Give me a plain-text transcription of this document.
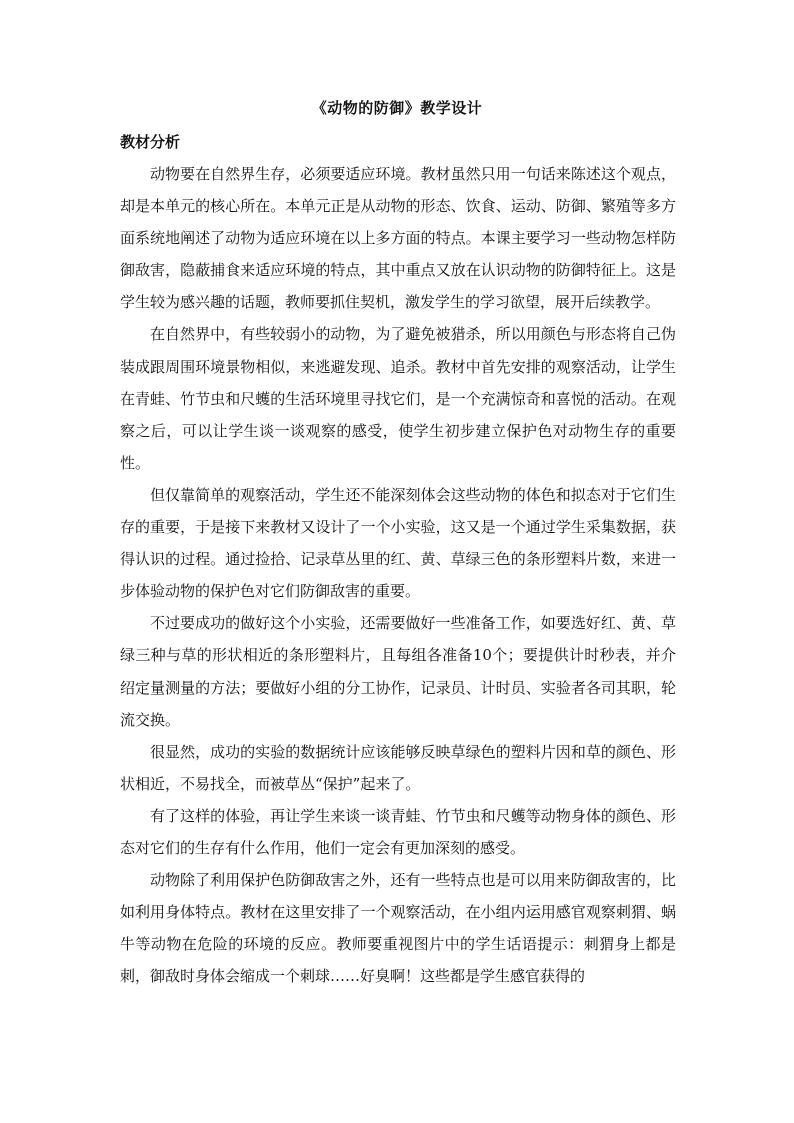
《动物的防御》教学设计
教材分析

动物要在自然界生存，必须要适应环境。教材虽然只用一句话来陈述这个观点，却是本单元的核心所在。本单元正是从动物的形态、饮食、运动、防御、繁殖等多方面系统地阐述了动物为适应环境在以上多方面的特点。本课主要学习一些动物怎样防御敌害，隐蔽捕食来适应环境的特点，其中重点又放在认识动物的防御特征上。这是学生较为感兴趣的话题，教师要抓住契机，激发学生的学习欲望，展开后续教学。

在自然界中，有些较弱小的动物，为了避免被猎杀，所以用颜色与形态将自己伪装成跟周围环境景物相似，来逃避发现、追杀。教材中首先安排的观察活动，让学生在青蛙、竹节虫和尺蠖的生活环境里寻找它们，是一个充满惊奇和喜悦的活动。在观察之后，可以让学生谈一谈观察的感受，使学生初步建立保护色对动物生存的重要性。

但仅靠简单的观察活动，学生还不能深刻体会这些动物的体色和拟态对于它们生存的重要，于是接下来教材又设计了一个小实验，这又是一个通过学生采集数据，获得认识的过程。通过捡拾、记录草丛里的红、黄、草绿三色的条形塑料片数，来进一步体验动物的保护色对它们防御敌害的重要。

不过要成功的做好这个小实验，还需要做好一些准备工作，如要选好红、黄、草绿三种与草的形状相近的条形塑料片，且每组各准备10个；要提供计时秒表，并介绍定量测量的方法；要做好小组的分工协作，记录员、计时员、实验者各司其职，轮流交换。

很显然，成功的实验的数据统计应该能够反映草绿色的塑料片因和草的颜色、形状相近，不易找全，而被草丛“保护”起来了。

有了这样的体验，再让学生来谈一谈青蛙、竹节虫和尺蠖等动物身体的颜色、形态对它们的生存有什么作用，他们一定会有更加深刻的感受。

动物除了利用保护色防御敌害之外，还有一些特点也是可以用来防御敌害的，比如利用身体特点。教材在这里安排了一个观察活动，在小组内运用感官观察刺猬、蜗牛等动物在危险的环境的反应。教师要重视图片中的学生话语提示：刺猬身上都是刺，御敌时身体会缩成一个刺球……好臭啊！这些都是学生感官获得的
